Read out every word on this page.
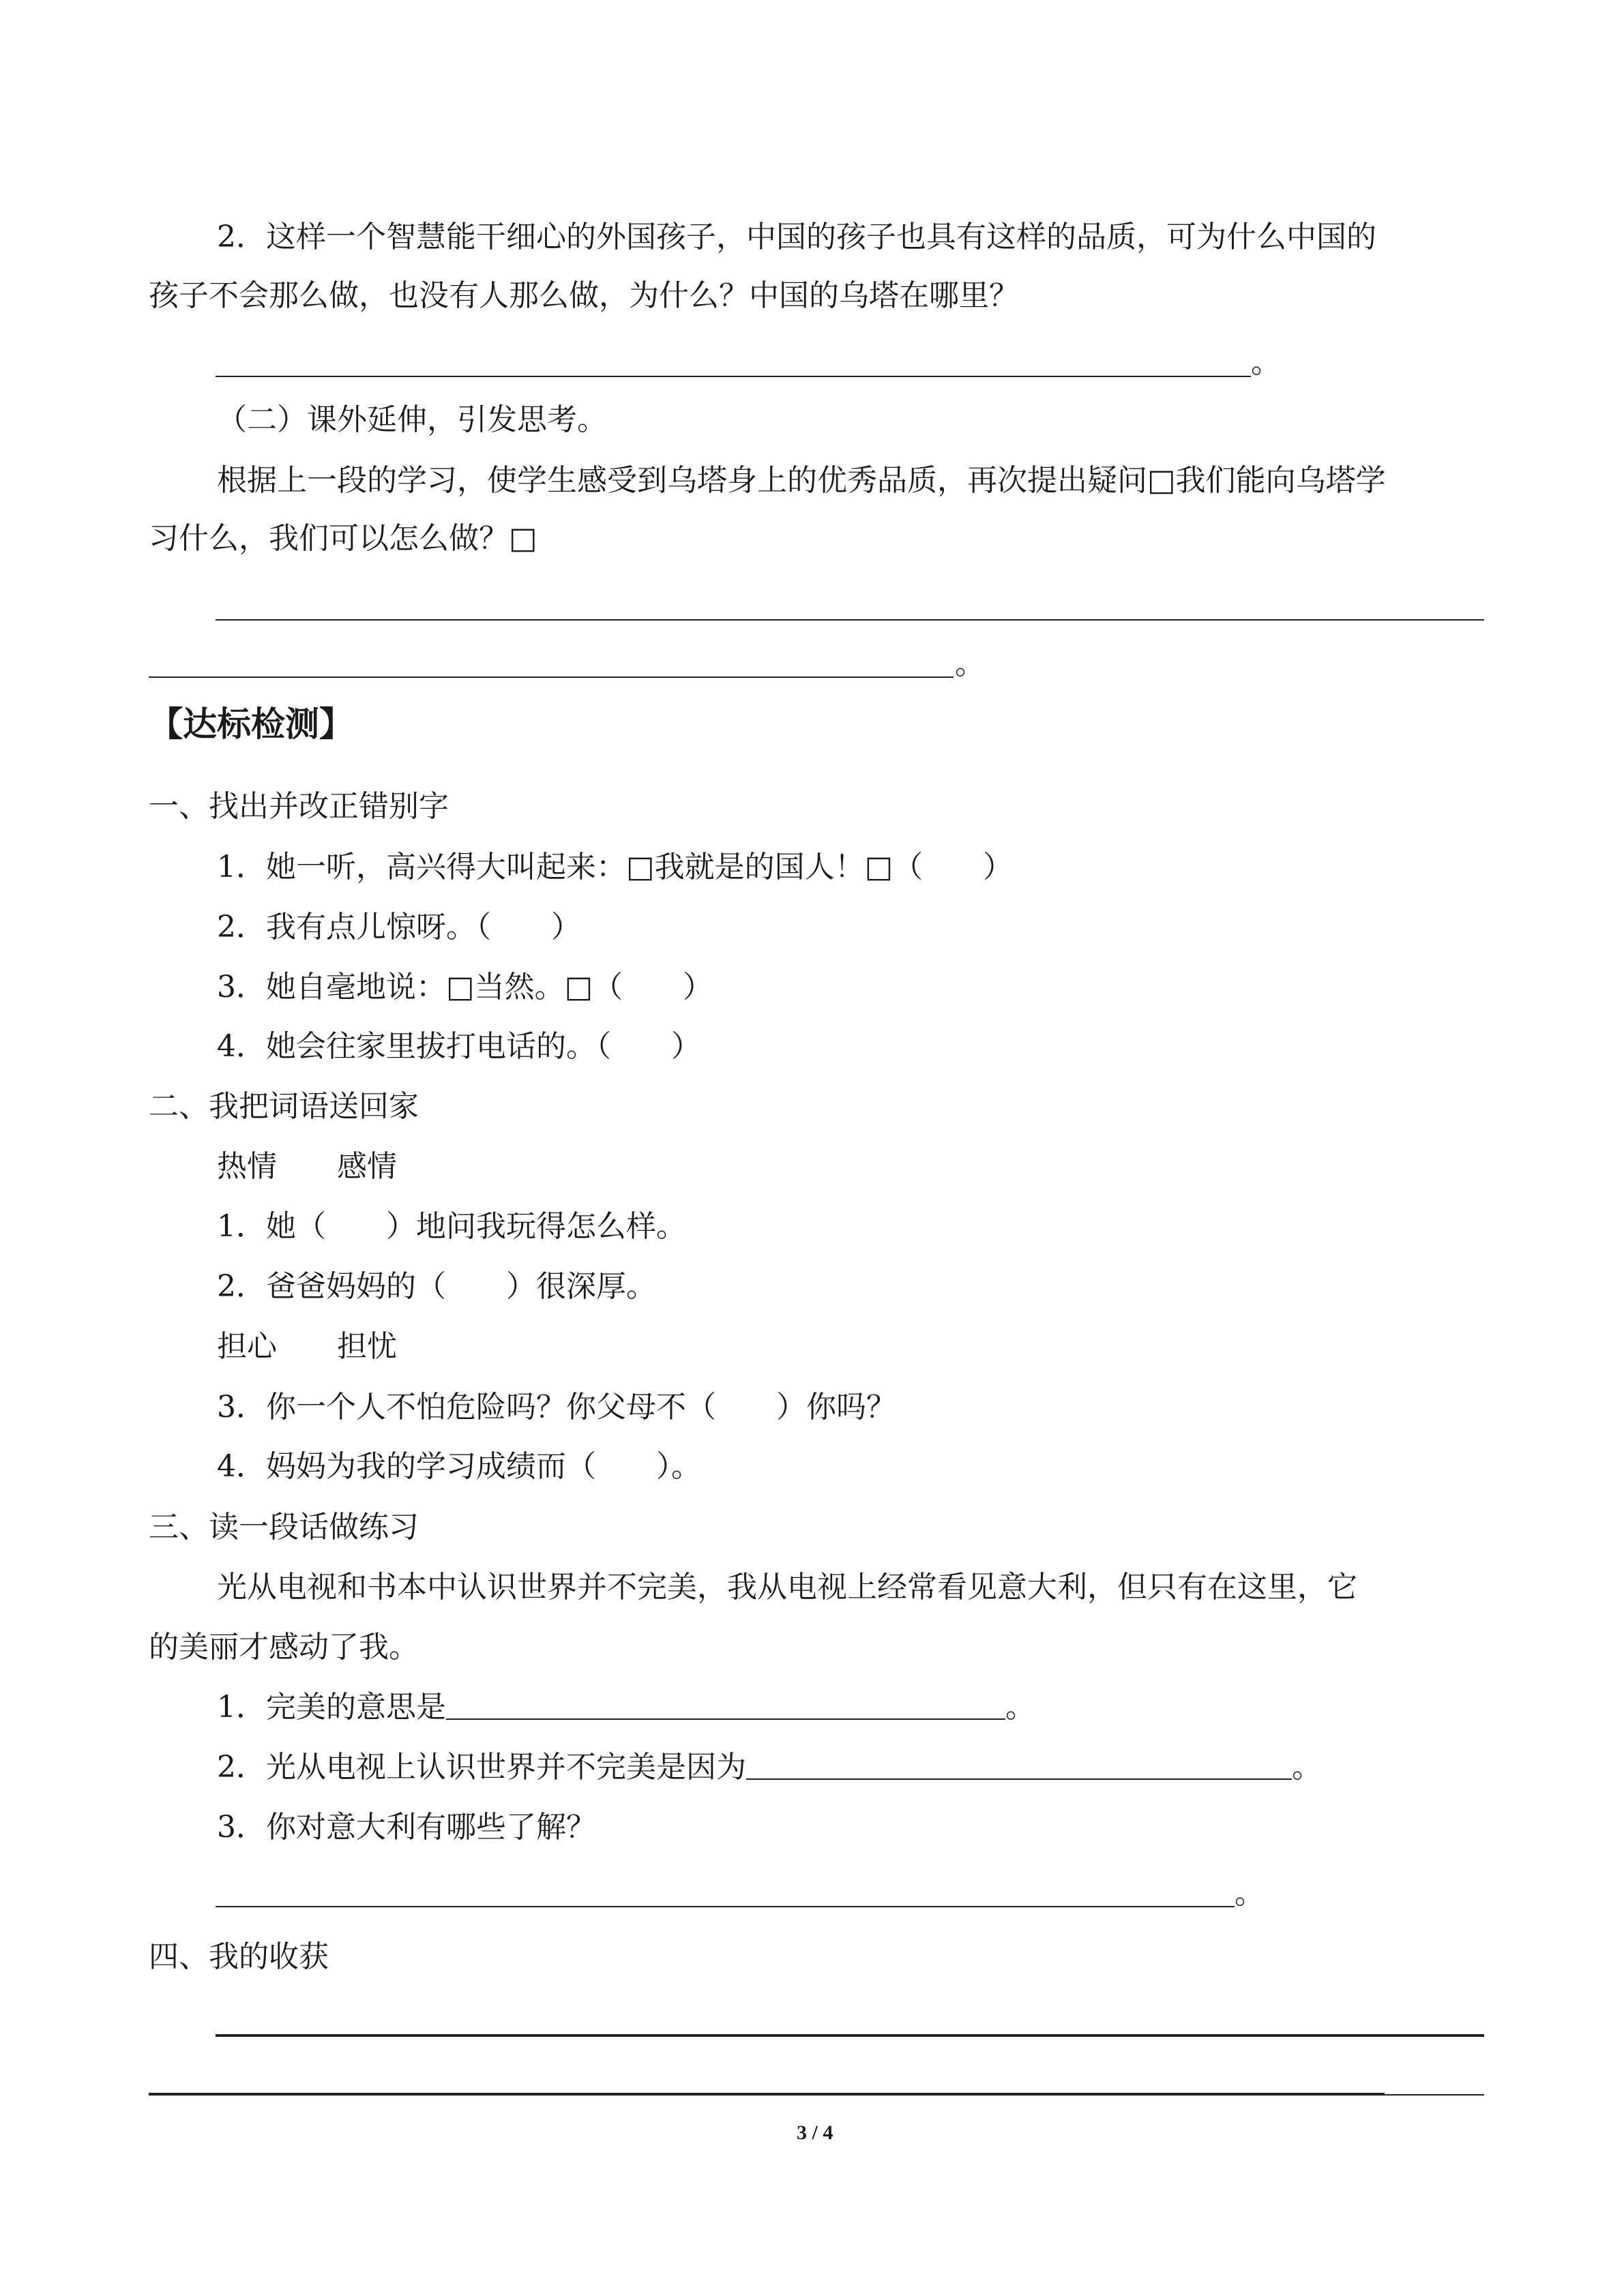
2．这样一个智慧能干细心的外国孩子，中国的孩子也具有这样的品质，可为什么中国的
孩子不会那么做，也没有人那么做，为什么？中国的乌塔在哪里？
。
（二）课外延伸，引发思考。
根据上一段的学习，使学生感受到乌塔身上的优秀品质，再次提出疑问□我们能向乌塔学
习什么，我们可以怎么做？□
。
【达标检测】
一、找出并改正错别字
1．她一听，高兴得大叫起来：□我就是的国人！□（　　）
2．我有点儿惊呀。（　　）
3．她自毫地说：□当然。□（　　）
4．她会往家里拔打电话的。（　　）
二、我把词语送回家
热情　　感情
1．她（　　）地问我玩得怎么样。
2．爸爸妈妈的（　　）很深厚。
担心　　担忧
3．你一个人不怕危险吗？你父母不（　　）你吗？
4．妈妈为我的学习成绩而（　　）。
三、读一段话做练习
光从电视和书本中认识世界并不完美，我从电视上经常看见意大利，但只有在这里，它
的美丽才感动了我。
1．完美的意思是	。
2．光从电视上认识世界并不完美是因为	。
3．你对意大利有哪些了解？
。
四、我的收获
3 / 4
